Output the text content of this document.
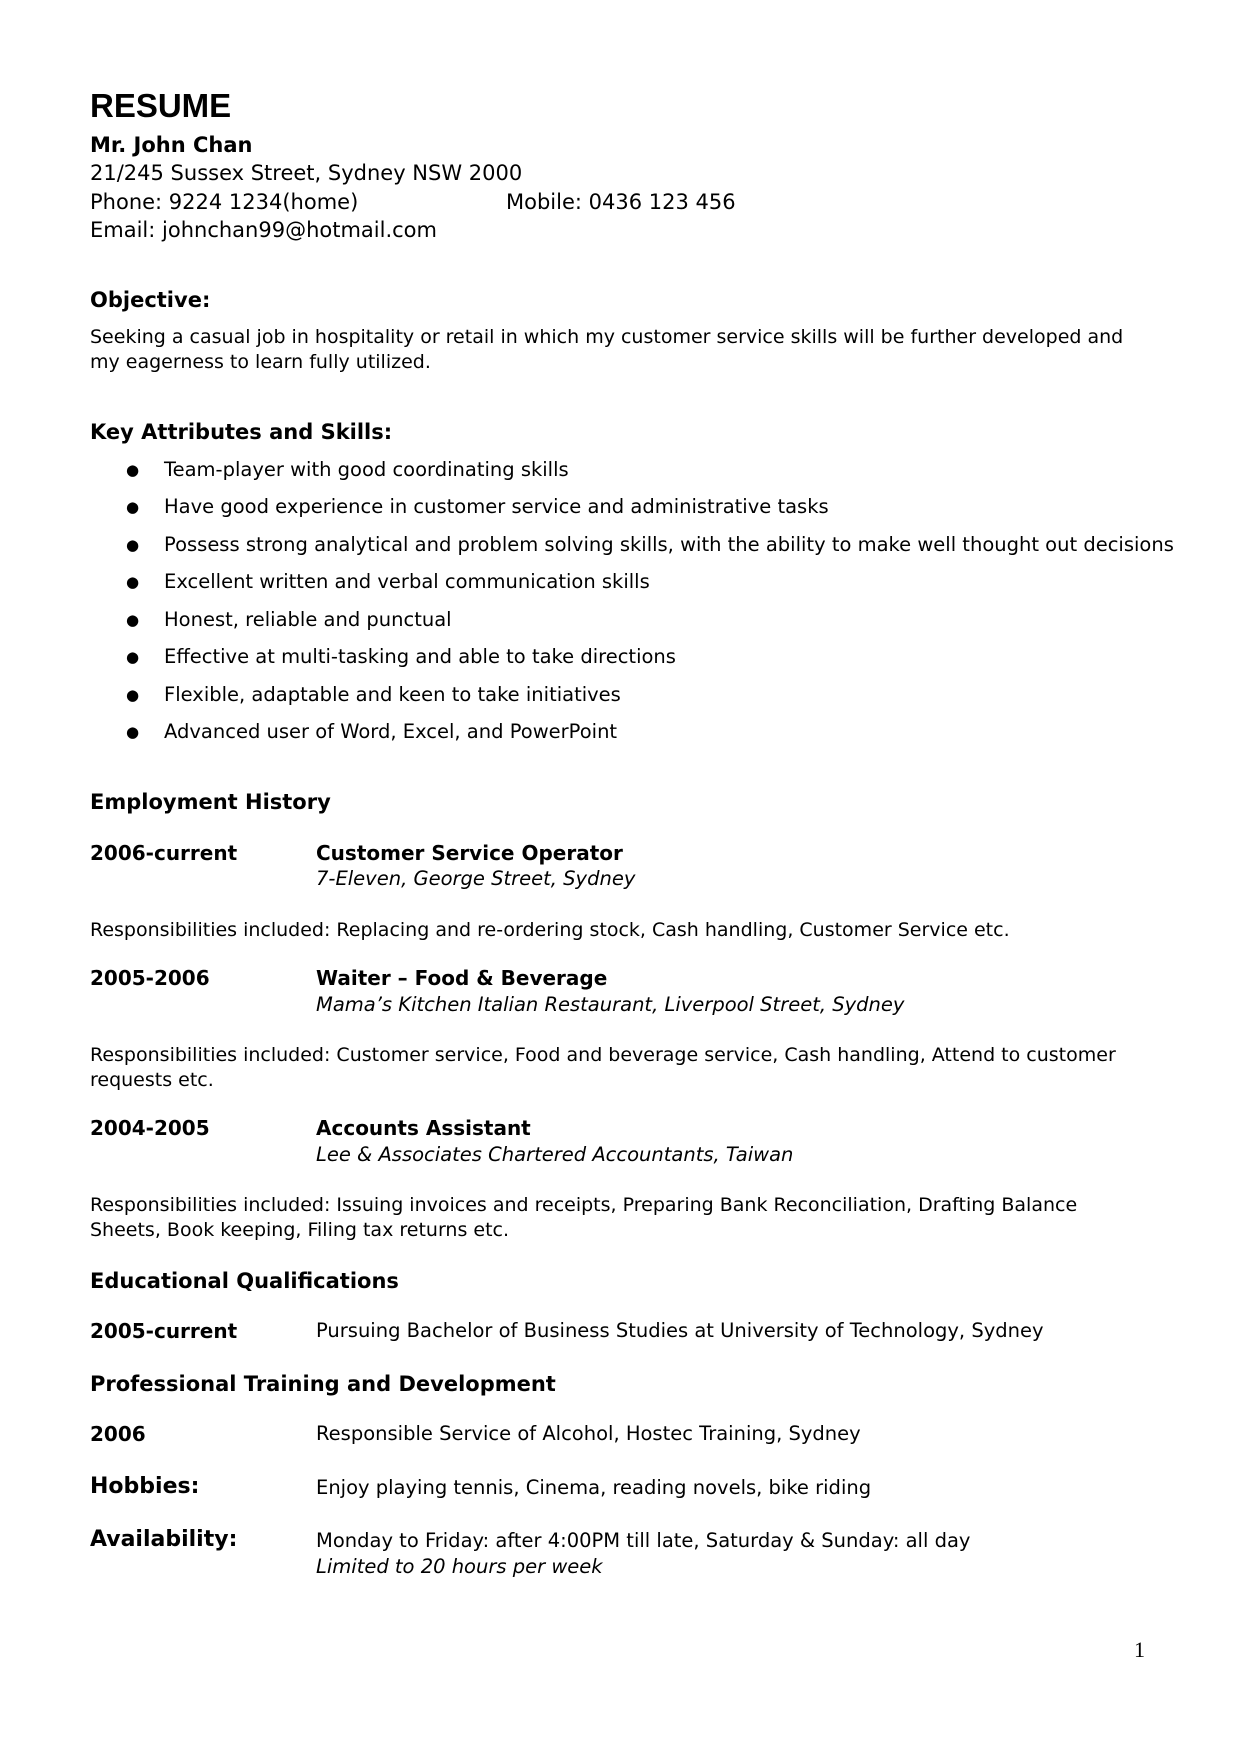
RESUME
Mr. John Chan
21/245 Sussex Street, Sydney NSW 2000
Phone: 9224 1234(home)	Mobile: 0436 123 456
Email: johnchan99@hotmail.com
Objective:
Seeking a casual job in hospitality or retail in which my customer service skills will be further developed and my eagerness to learn fully utilized.
Key Attributes and Skills:
● Team-player with good coordinating skills
● Have good experience in customer service and administrative tasks
● Possess strong analytical and problem solving skills, with the ability to make well thought out decisions
● Excellent written and verbal communication skills
● Honest, reliable and punctual
● Effective at multi-tasking and able to take directions
● Flexible, adaptable and keen to take initiatives
● Advanced user of Word, Excel, and PowerPoint
Employment History
2006-current	Customer Service Operator
7-Eleven, George Street, Sydney
Responsibilities included: Replacing and re-ordering stock, Cash handling, Customer Service etc.
2005-2006	Waiter – Food & Beverage
Mama’s Kitchen Italian Restaurant, Liverpool Street, Sydney
Responsibilities included: Customer service, Food and beverage service, Cash handling, Attend to customer requests etc.
2004-2005	Accounts Assistant
Lee & Associates Chartered Accountants, Taiwan
Responsibilities included: Issuing invoices and receipts, Preparing Bank Reconciliation, Drafting Balance Sheets, Book keeping, Filing tax returns etc.
Educational Qualifications
2005-current	Pursuing Bachelor of Business Studies at University of Technology, Sydney
Professional Training and Development
2006	Responsible Service of Alcohol, Hostec Training, Sydney
Hobbies:	Enjoy playing tennis, Cinema, reading novels, bike riding
Availability:	Monday to Friday: after 4:00PM till late, Saturday & Sunday: all day
Limited to 20 hours per week
1
